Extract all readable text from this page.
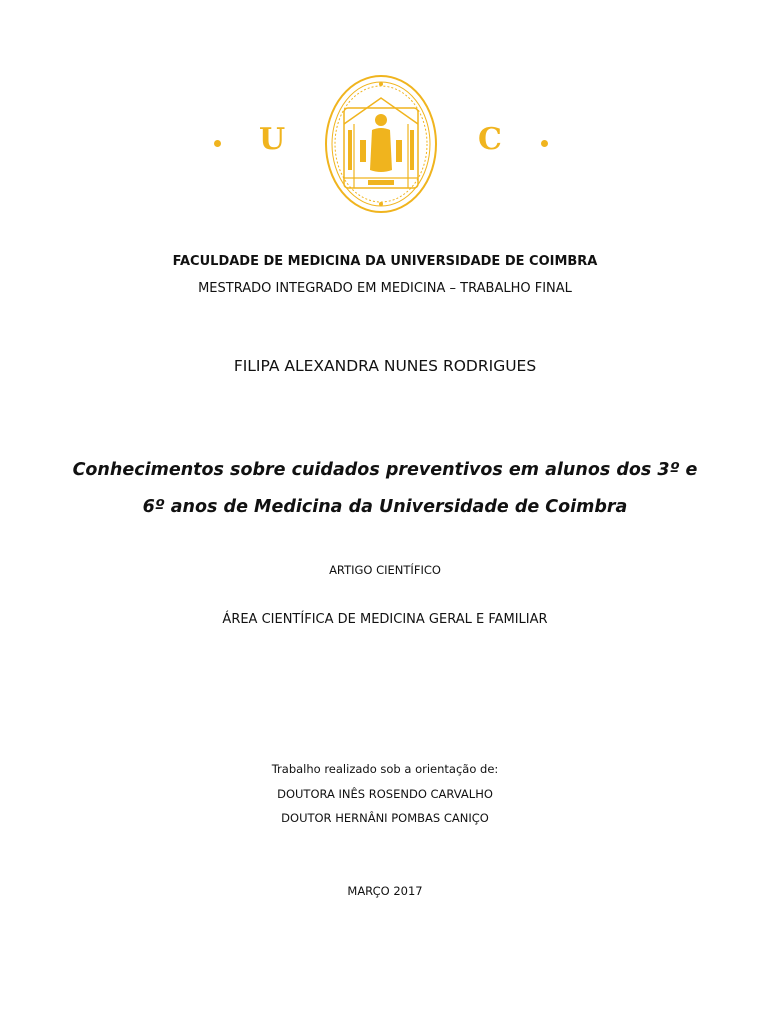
U	C
FACULDADE DE MEDICINA DA UNIVERSIDADE DE COIMBRA
MESTRADO INTEGRADO EM MEDICINA – TRABALHO FINAL
FILIPA ALEXANDRA NUNES RODRIGUES
Conhecimentos sobre cuidados preventivos em alunos dos 3º e
6º anos de Medicina da Universidade de Coimbra
ARTIGO CIENTÍFICO
ÁREA CIENTÍFICA DE MEDICINA GERAL E FAMILIAR
Trabalho realizado sob a orientação de:
DOUTORA INÊS ROSENDO CARVALHO
DOUTOR HERNÂNI POMBAS CANIÇO
MARÇO 2017
